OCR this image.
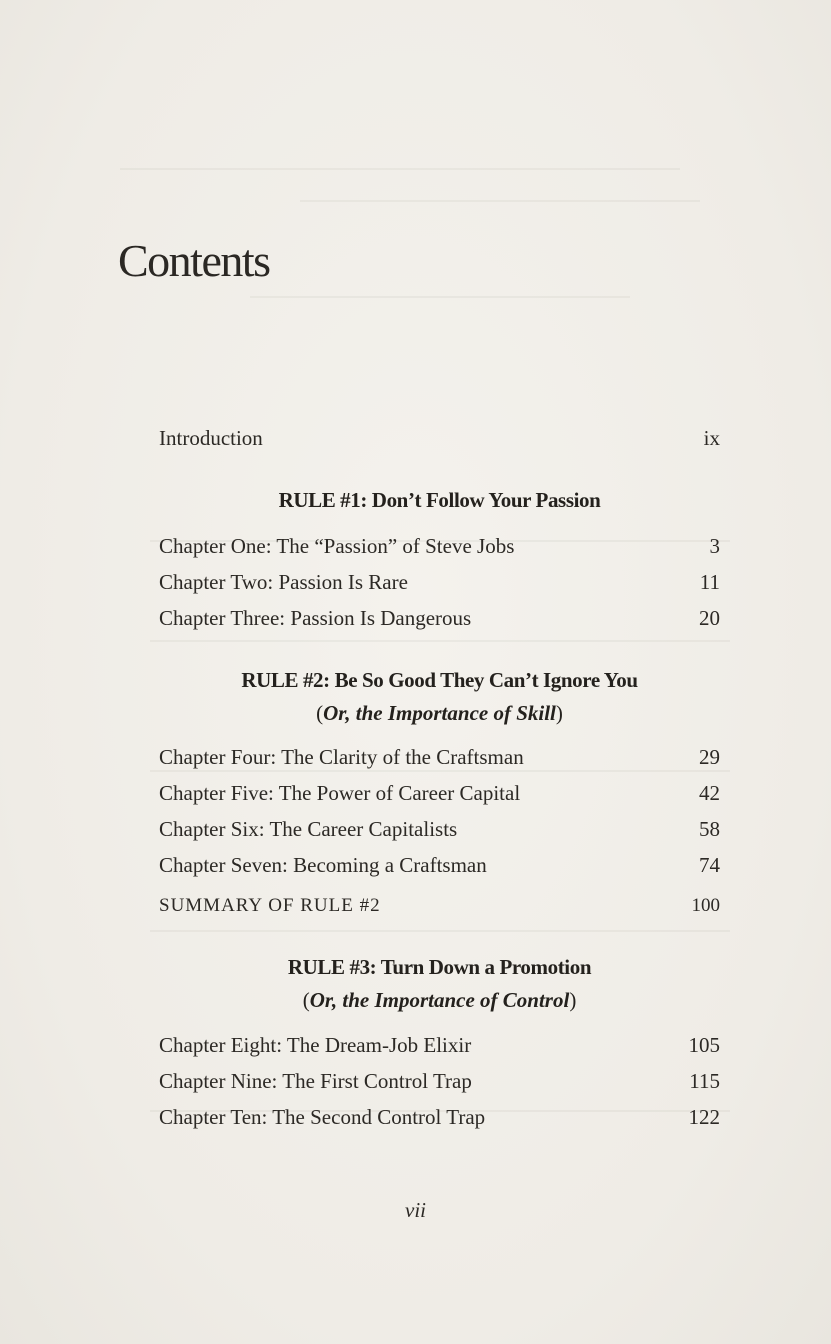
Contents
Introduction	ix
RULE #1: Don’t Follow Your Passion
Chapter One: The “Passion” of Steve Jobs	3
Chapter Two: Passion Is Rare	11
Chapter Three: Passion Is Dangerous	20
RULE #2: Be So Good They Can’t Ignore You
(Or, the Importance of Skill)
Chapter Four: The Clarity of the Craftsman	29
Chapter Five: The Power of Career Capital	42
Chapter Six: The Career Capitalists	58
Chapter Seven: Becoming a Craftsman	74
SUMMARY OF RULE #2	100
RULE #3: Turn Down a Promotion
(Or, the Importance of Control)
Chapter Eight: The Dream-Job Elixir	105
Chapter Nine: The First Control Trap	115
Chapter Ten: The Second Control Trap	122
vii
